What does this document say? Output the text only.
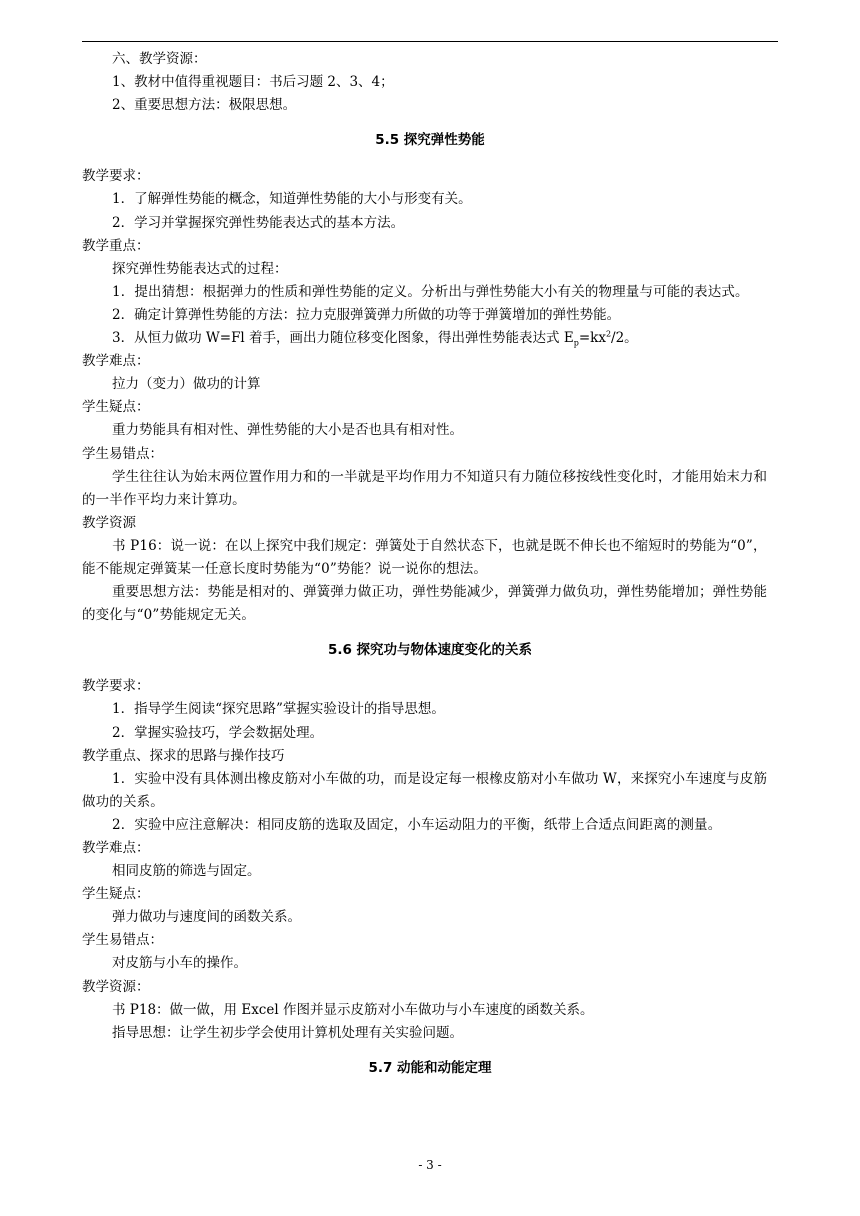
六、教学资源：
1、教材中值得重视题目：书后习题 2、3、4；
2、重要思想方法：极限思想。
5.5 探究弹性势能
教学要求：
1．了解弹性势能的概念，知道弹性势能的大小与形变有关。
2．学习并掌握探究弹性势能表达式的基本方法。
教学重点：
探究弹性势能表达式的过程：
1．提出猜想：根据弹力的性质和弹性势能的定义。分析出与弹性势能大小有关的物理量与可能的表达式。
2．确定计算弹性势能的方法：拉力克服弹簧弹力所做的功等于弹簧增加的弹性势能。
3．从恒力做功 W=Fl 着手，画出力随位移变化图象，得出弹性势能表达式 $E_p=kx^2/2$。
教学难点：
拉力（变力）做功的计算
学生疑点：
重力势能具有相对性、弹性势能的大小是否也具有相对性。
学生易错点：
学生往往认为始末两位置作用力和的一半就是平均作用力不知道只有力随位移按线性变化时，才能用始末力和的一半作平均力来计算功。
教学资源
书 P16：说一说：在以上探究中我们规定：弹簧处于自然状态下，也就是既不伸长也不缩短时的势能为“0”，能不能规定弹簧某一任意长度时势能为“0”势能？说一说你的想法。
重要思想方法：势能是相对的、弹簧弹力做正功，弹性势能减少，弹簧弹力做负功，弹性势能增加；弹性势能的变化与“0”势能规定无关。
5.6 探究功与物体速度变化的关系
教学要求：
1．指导学生阅读“探究思路”掌握实验设计的指导思想。
2．掌握实验技巧，学会数据处理。
教学重点、探求的思路与操作技巧
1．实验中没有具体测出橡皮筋对小车做的功，而是设定每一根橡皮筋对小车做功 W，来探究小车速度与皮筋做功的关系。
2．实验中应注意解决：相同皮筋的选取及固定，小车运动阻力的平衡，纸带上合适点间距离的测量。
教学难点：
相同皮筋的筛选与固定。
学生疑点：
弹力做功与速度间的函数关系。
学生易错点：
对皮筋与小车的操作。
教学资源：
书 P18：做一做，用 Excel 作图并显示皮筋对小车做功与小车速度的函数关系。
指导思想：让学生初步学会使用计算机处理有关实验问题。
5.7 动能和动能定理
- 3 -
